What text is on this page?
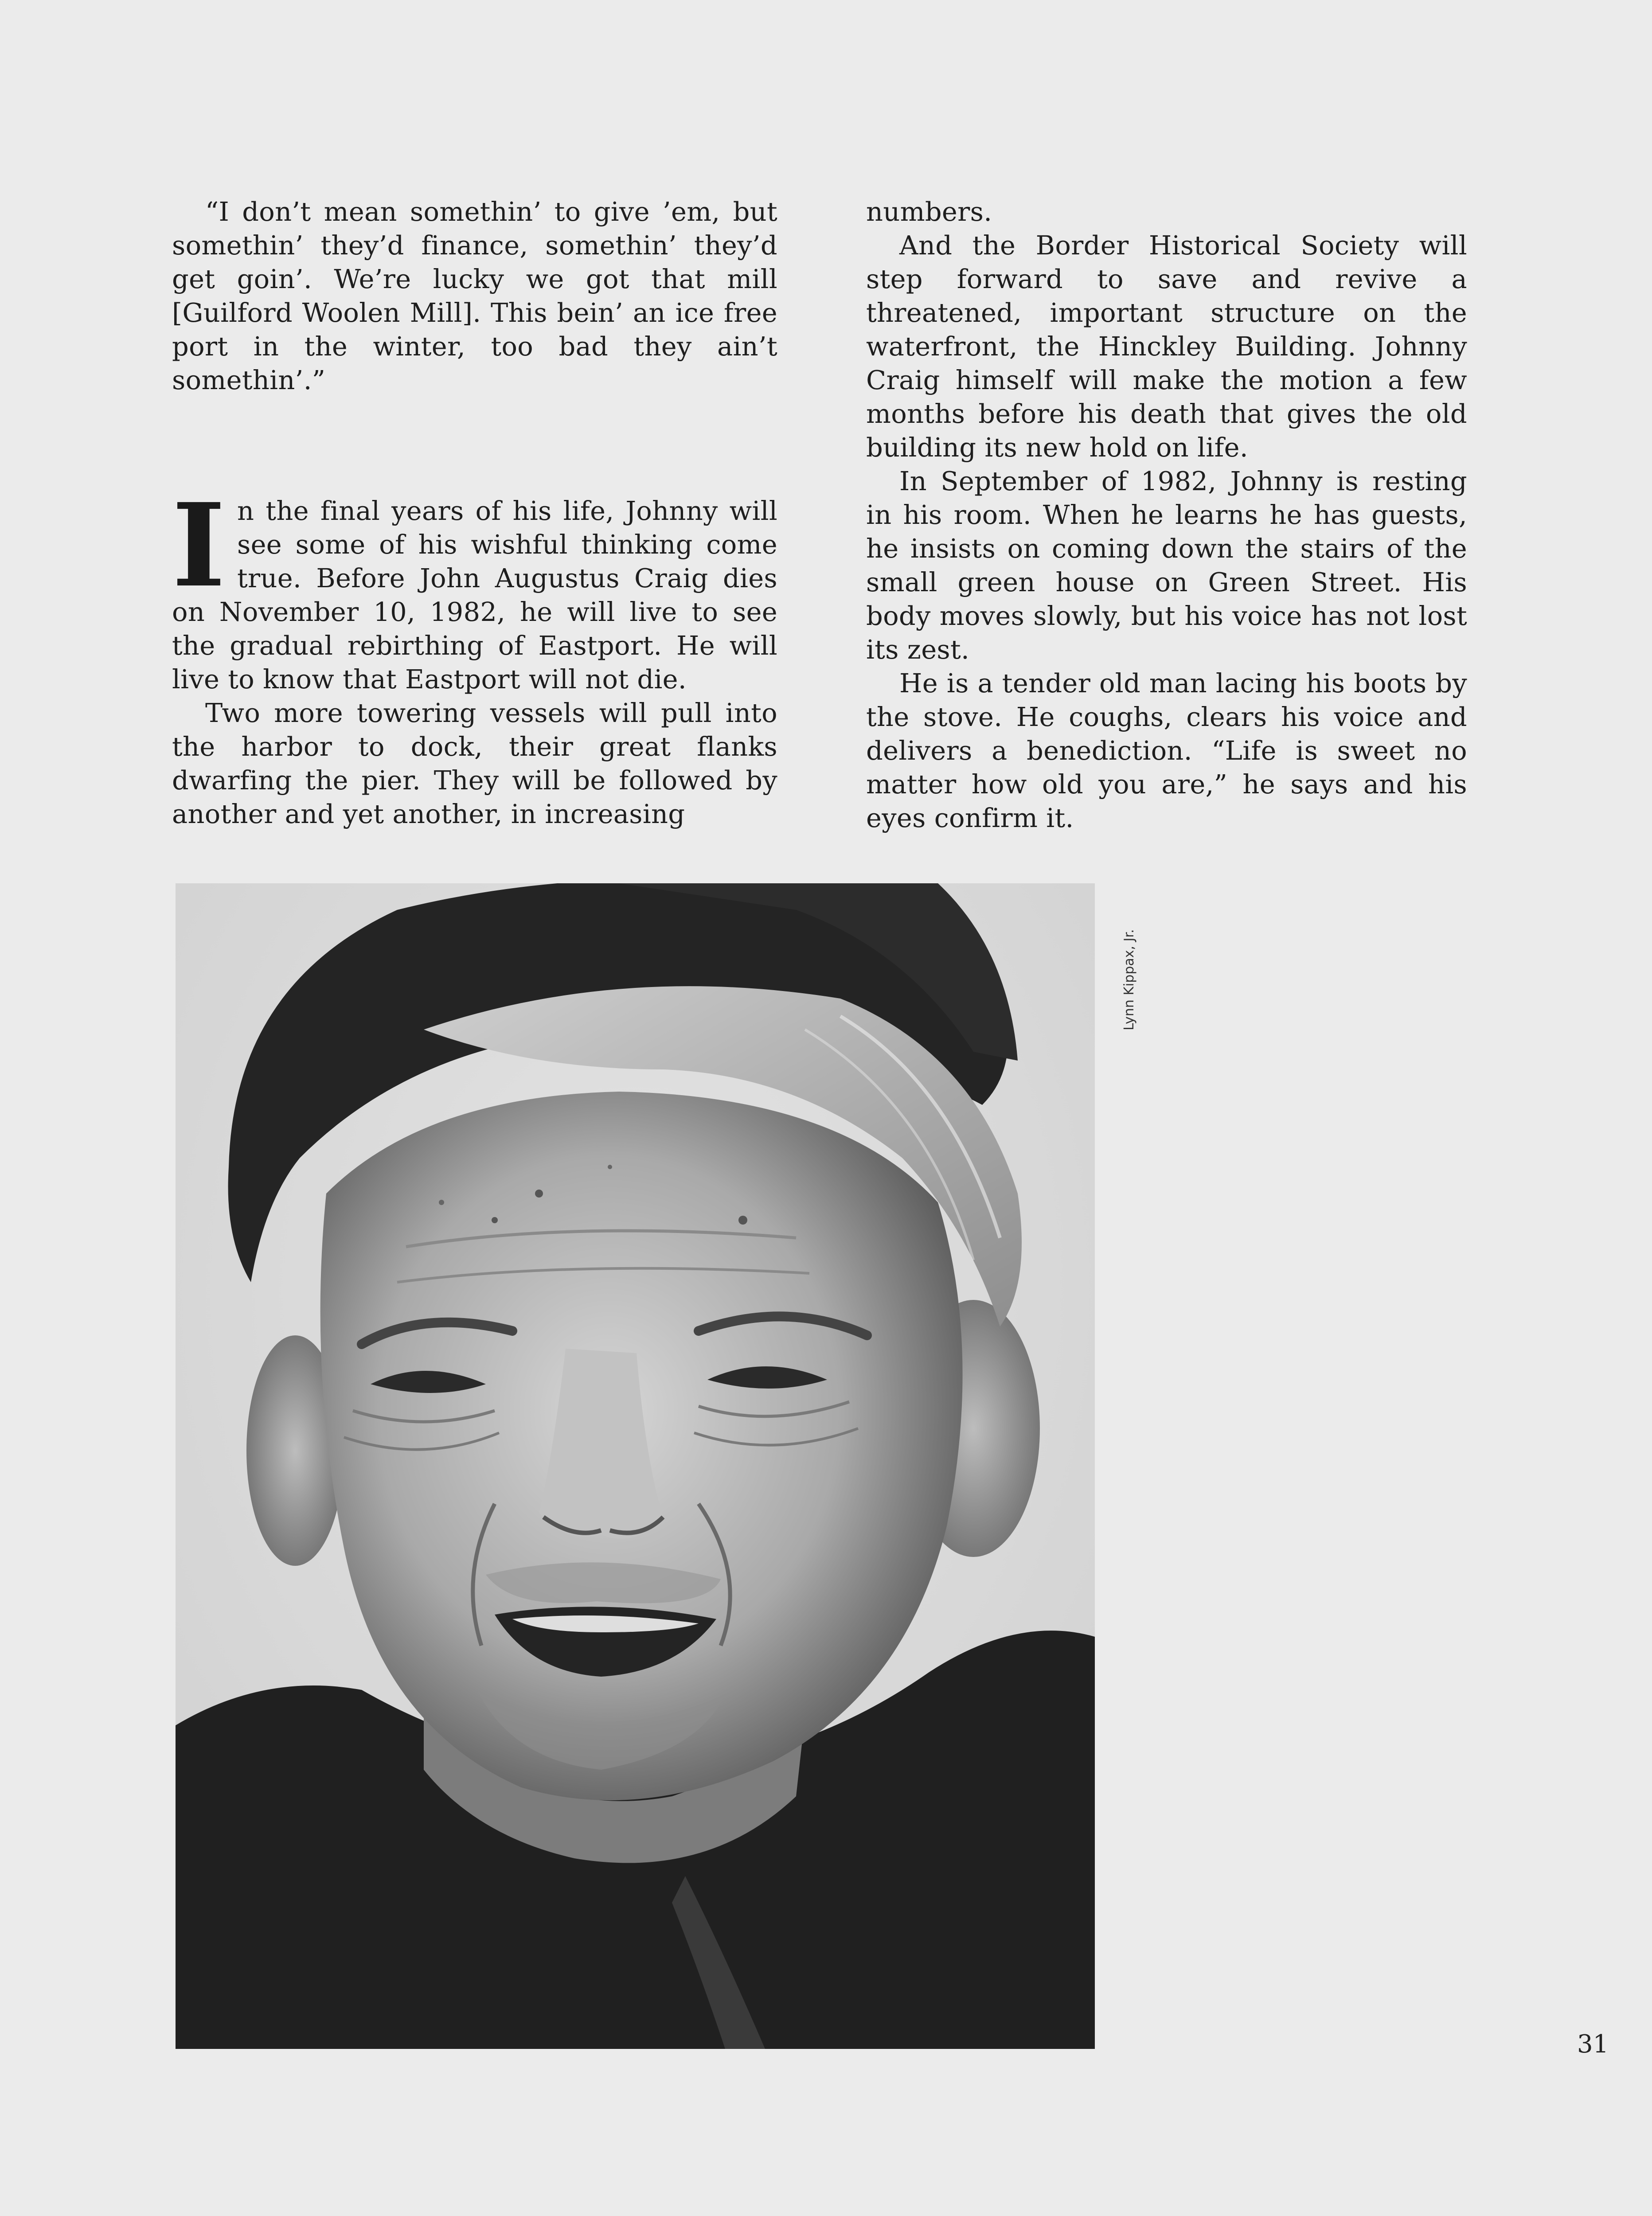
“I don’t mean somethin’ to give ’em, but somethin’ they’d finance, somethin’ they’d get goin’. We’re lucky we got that mill [Guilford Woolen Mill]. This bein’ an ice free port in the winter, too bad they ain’t somethin’.”

In the final years of his life, Johnny will see some of his wishful thinking come true. Before John Augustus Craig dies on November 10, 1982, he will live to see the gradual rebirthing of Eastport. He will live to know that Eastport will not die.

Two more towering vessels will pull into the harbor to dock, their great flanks dwarfing the pier. They will be followed by another and yet another, in increasing

numbers.

And the Border Historical Society will step forward to save and revive a threatened, important structure on the waterfront, the Hinckley Building. Johnny Craig himself will make the motion a few months before his death that gives the old building its new hold on life.

In September of 1982, Johnny is resting in his room. When he learns he has guests, he insists on coming down the stairs of the small green house on Green Street. His body moves slowly, but his voice has not lost its zest.

He is a tender old man lacing his boots by the stove. He coughs, clears his voice and delivers a benediction. “Life is sweet no matter how old you are,” he says and his eyes confirm it.

Lynn Kippax, Jr.
31
